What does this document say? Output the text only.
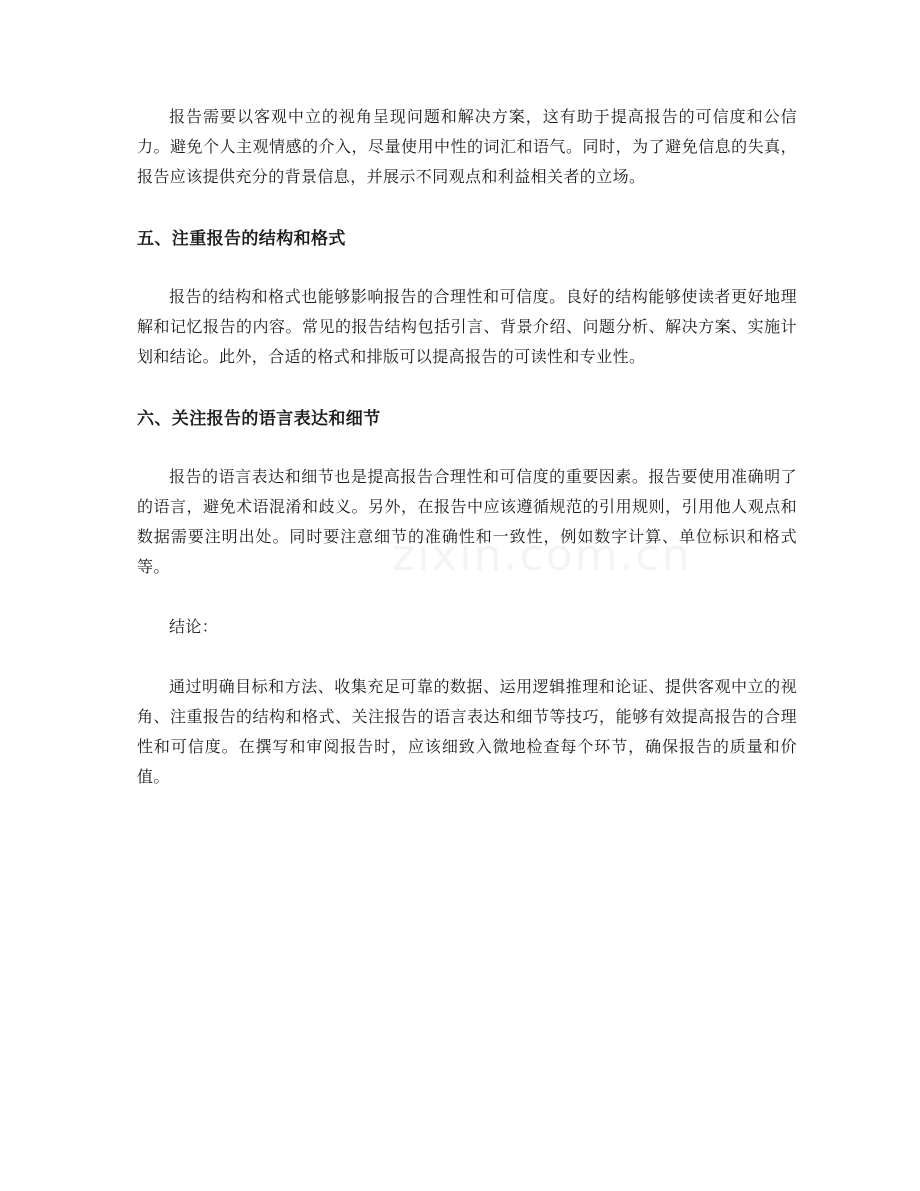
报告需要以客观中立的视角呈现问题和解决方案，这有助于提高报告的可信度和公信力。避免个人主观情感的介入，尽量使用中性的词汇和语气。同时，为了避免信息的失真，报告应该提供充分的背景信息，并展示不同观点和利益相关者的立场。

五、注重报告的结构和格式

报告的结构和格式也能够影响报告的合理性和可信度。良好的结构能够使读者更好地理解和记忆报告的内容。常见的报告结构包括引言、背景介绍、问题分析、解决方案、实施计划和结论。此外，合适的格式和排版可以提高报告的可读性和专业性。

六、关注报告的语言表达和细节

报告的语言表达和细节也是提高报告合理性和可信度的重要因素。报告要使用准确明了的语言，避免术语混淆和歧义。另外，在报告中应该遵循规范的引用规则，引用他人观点和数据需要注明出处。同时要注意细节的准确性和一致性，例如数字计算、单位标识和格式等。

结论：

通过明确目标和方法、收集充足可靠的数据、运用逻辑推理和论证、提供客观中立的视角、注重报告的结构和格式、关注报告的语言表达和细节等技巧，能够有效提高报告的合理性和可信度。在撰写和审阅报告时，应该细致入微地检查每个环节，确保报告的质量和价值。
